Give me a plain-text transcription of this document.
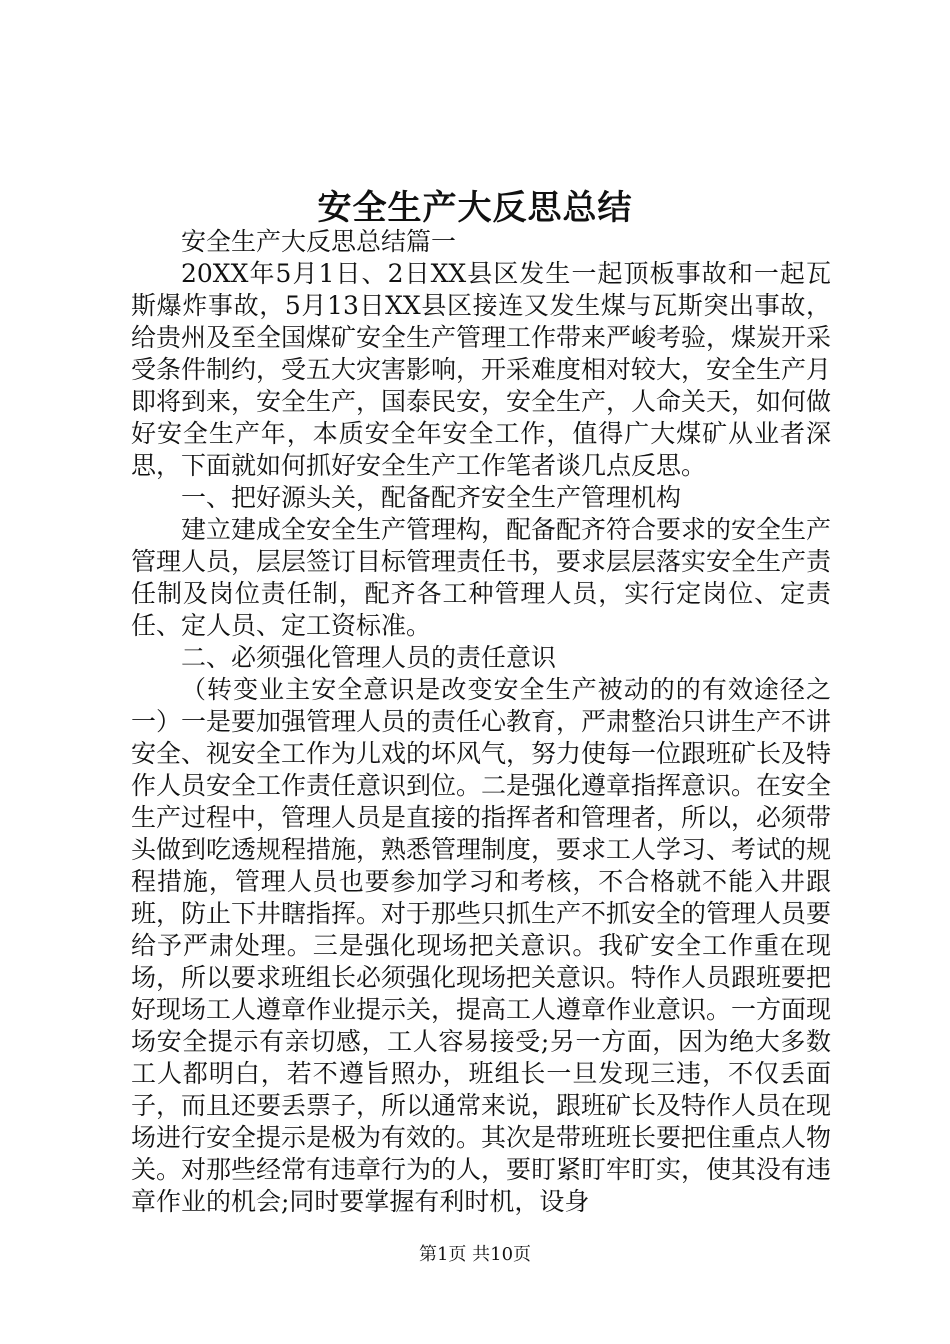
安全生产大反思总结

安全生产大反思总结篇一

20XX年5月1日、2日XX县区发生一起顶板事故和一起瓦斯爆炸事故，5月13日XX县区接连又发生煤与瓦斯突出事故，给贵州及至全国煤矿安全生产管理工作带来严峻考验，煤炭开采受条件制约，受五大灾害影响，开采难度相对较大，安全生产月即将到来，安全生产，国泰民安，安全生产，人命关天，如何做好安全生产年，本质安全年安全工作，值得广大煤矿从业者深思，下面就如何抓好安全生产工作笔者谈几点反思。

一、把好源头关，配备配齐安全生产管理机构

建立建成全安全生产管理构，配备配齐符合要求的安全生产管理人员，层层签订目标管理责任书，要求层层落实安全生产责任制及岗位责任制，配齐各工种管理人员，实行定岗位、定责任、定人员、定工资标准。

二、必须强化管理人员的责任意识

（转变业主安全意识是改变安全生产被动的的有效途径之一）一是要加强管理人员的责任心教育，严肃整治只讲生产不讲安全、视安全工作为儿戏的坏风气，努力使每一位跟班矿长及特作人员安全工作责任意识到位。二是强化遵章指挥意识。在安全生产过程中，管理人员是直接的指挥者和管理者，所以，必须带头做到吃透规程措施，熟悉管理制度，要求工人学习、考试的规程措施，管理人员也要参加学习和考核，不合格就不能入井跟班，防止下井瞎指挥。对于那些只抓生产不抓安全的管理人员要给予严肃处理。三是强化现场把关意识。我矿安全工作重在现场，所以要求班组长必须强化现场把关意识。特作人员跟班要把好现场工人遵章作业提示关，提高工人遵章作业意识。一方面现场安全提示有亲切感，工人容易接受;另一方面，因为绝大多数工人都明白，若不遵旨照办，班组长一旦发现三违，不仅丢面子，而且还要丢票子，所以通常来说，跟班矿长及特作人员在现场进行安全提示是极为有效的。其次是带班班长要把住重点人物关。对那些经常有违章行为的人，要盯紧盯牢盯实，使其没有违章作业的机会;同时要掌握有利时机，设身

第1页 共10页
